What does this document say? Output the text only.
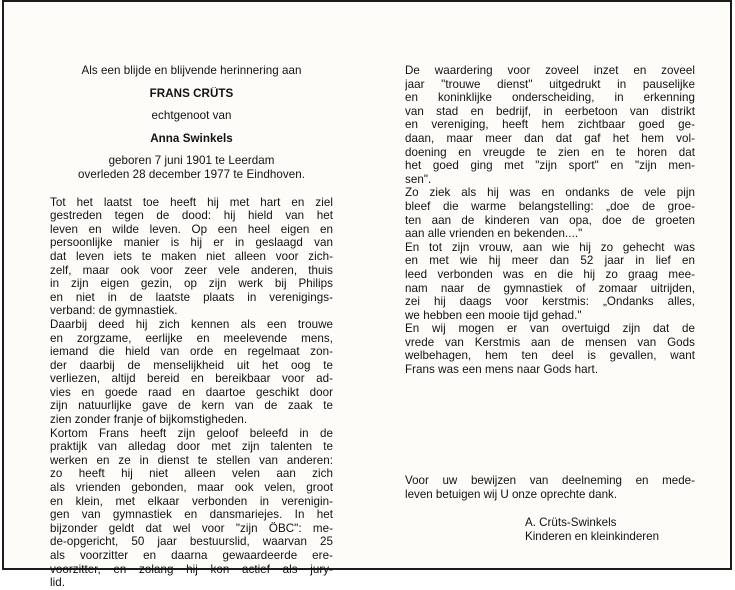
Als een blijde en blijvende herinnering aan
FRANS CRÜTS
echtgenoot van
Anna Swinkels
geboren 7 juni 1901 te Leerdam
overleden 28 december 1977 te Eindhoven.
Tot het laatst toe heeft hij met hart en ziel
gestreden tegen de dood: hij hield van het
leven en wilde leven. Op een heel eigen en
persoonlijke manier is hij er in geslaagd van
dat leven iets te maken niet alleen voor zich-
zelf, maar ook voor zeer vele anderen, thuis
in zijn eigen gezin, op zijn werk bij Philips
en niet in de laatste plaats in verenigings-
verband: de gymnastiek.
Daarbij deed hij zich kennen als een trouwe
en zorgzame, eerlijke en meelevende mens,
iemand die hield van orde en regelmaat zon-
der daarbij de menselijkheid uit het oog te
verliezen, altijd bereid en bereikbaar voor ad-
vies en goede raad en daartoe geschikt door
zijn natuurlijke gave de kern van de zaak te
zien zonder franje of bijkomstigheden.
Kortom Frans heeft zijn geloof beleefd in de
praktijk van alledag door met zijn talenten te
werken en ze in dienst te stellen van anderen:
zo heeft hij niet alleen velen aan zich
als vrienden gebonden, maar ook velen, groot
en klein, met elkaar verbonden in verenigin-
gen van gymnastiek en dansmariejes. In het
bijzonder geldt dat wel voor "zijn ÖBC": me-
de-opgericht, 50 jaar bestuurslid, waarvan 25
als voorzitter en daarna gewaardeerde ere-
voorzitter, en zolang hij kon actief als jury-
lid.
De waardering voor zoveel inzet en zoveel
jaar "trouwe dienst" uitgedrukt in pauselijke
en koninklijke onderscheiding, in erkenning
van stad en bedrijf, in eerbetoon van distrikt
en vereniging, heeft hem zichtbaar goed ge-
daan, maar meer dan dat gaf het hem vol-
doening en vreugde te zien en te horen dat
het goed ging met "zijn sport" en "zijn men-
sen".
Zo ziek als hij was en ondanks de vele pijn
bleef die warme belangstelling: „doe de groe-
ten aan de kinderen van opa, doe de groeten
aan alle vrienden en bekenden...."
En tot zijn vrouw, aan wie hij zo gehecht was
en met wie hij meer dan 52 jaar in lief en
leed verbonden was en die hij zo graag mee-
nam naar de gymnastiek of zomaar uitrijden,
zei hij daags voor kerstmis: „Ondanks alles,
we hebben een mooie tijd gehad."
En wij mogen er van overtuigd zijn dat de
vrede van Kerstmis aan de mensen van Gods
welbehagen, hem ten deel is gevallen, want
Frans was een mens naar Gods hart.
Voor uw bewijzen van deelneming en mede-
leven betuigen wij U onze oprechte dank.
A. Crüts-Swinkels
Kinderen en kleinkinderen
